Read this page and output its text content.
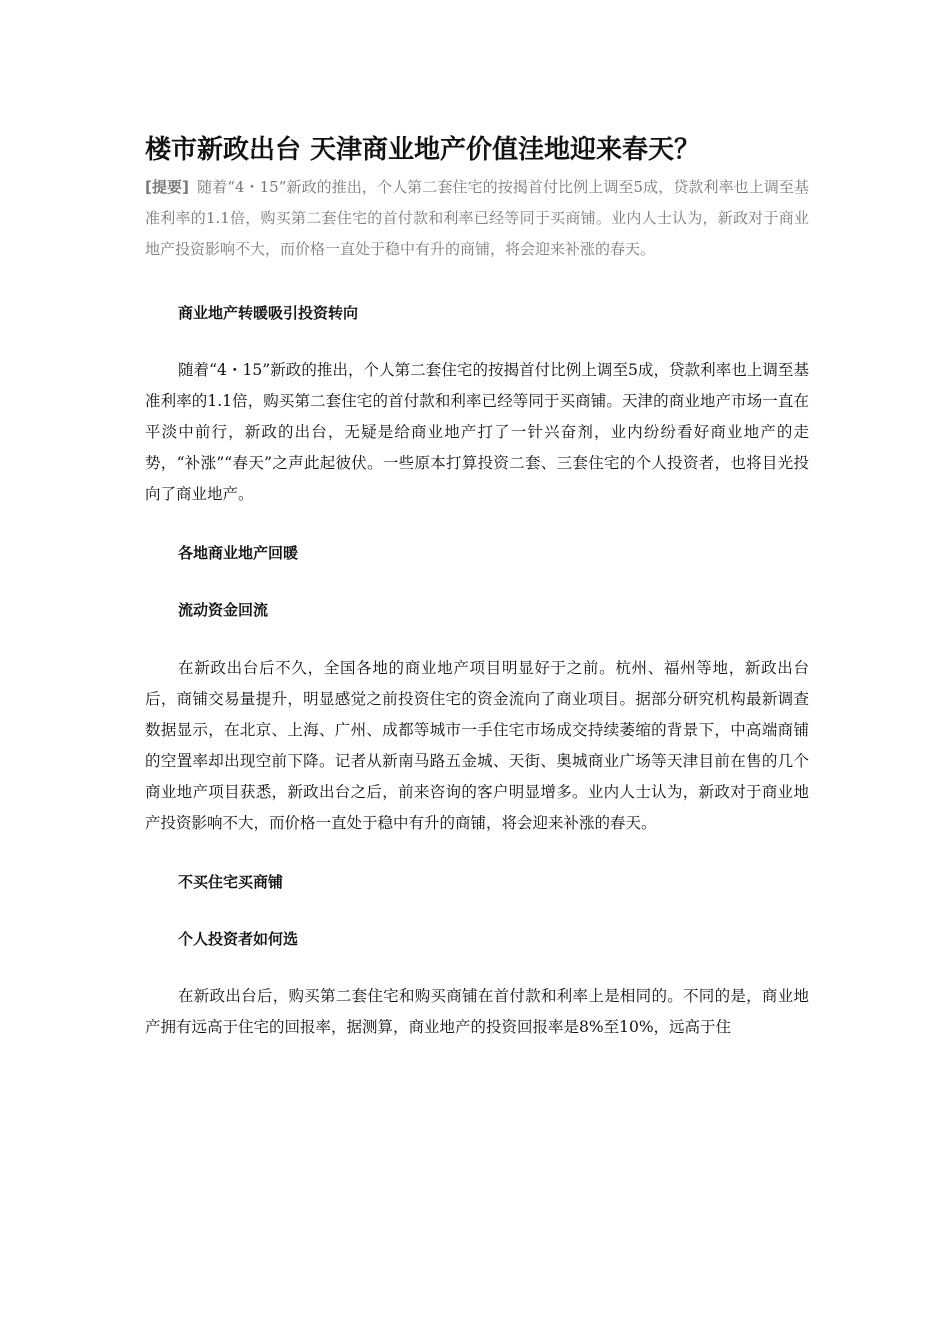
楼市新政出台 天津商业地产价值洼地迎来春天？

[提要] 随着“4・15”新政的推出，个人第二套住宅的按揭首付比例上调至5成，贷款利率也上调至基准利率的1.1倍，购买第二套住宅的首付款和利率已经等同于买商铺。业内人士认为，新政对于商业地产投资影响不大，而价格一直处于稳中有升的商铺，将会迎来补涨的春天。

商业地产转暖吸引投资转向

随着“4・15”新政的推出，个人第二套住宅的按揭首付比例上调至5成，贷款利率也上调至基准利率的1.1倍，购买第二套住宅的首付款和利率已经等同于买商铺。天津的商业地产市场一直在平淡中前行，新政的出台，无疑是给商业地产打了一针兴奋剂，业内纷纷看好商业地产的走势，“补涨”“春天”之声此起彼伏。一些原本打算投资二套、三套住宅的个人投资者，也将目光投向了商业地产。

各地商业地产回暖

流动资金回流

在新政出台后不久，全国各地的商业地产项目明显好于之前。杭州、福州等地，新政出台后，商铺交易量提升，明显感觉之前投资住宅的资金流向了商业项目。据部分研究机构最新调查数据显示，在北京、上海、广州、成都等城市一手住宅市场成交持续萎缩的背景下，中高端商铺的空置率却出现空前下降。记者从新南马路五金城、天街、奥城商业广场等天津目前在售的几个商业地产项目获悉，新政出台之后，前来咨询的客户明显增多。业内人士认为，新政对于商业地产投资影响不大，而价格一直处于稳中有升的商铺，将会迎来补涨的春天。

不买住宅买商铺

个人投资者如何选

在新政出台后，购买第二套住宅和购买商铺在首付款和利率上是相同的。不同的是，商业地产拥有远高于住宅的回报率，据测算，商业地产的投资回报率是8%至10%，远高于住
